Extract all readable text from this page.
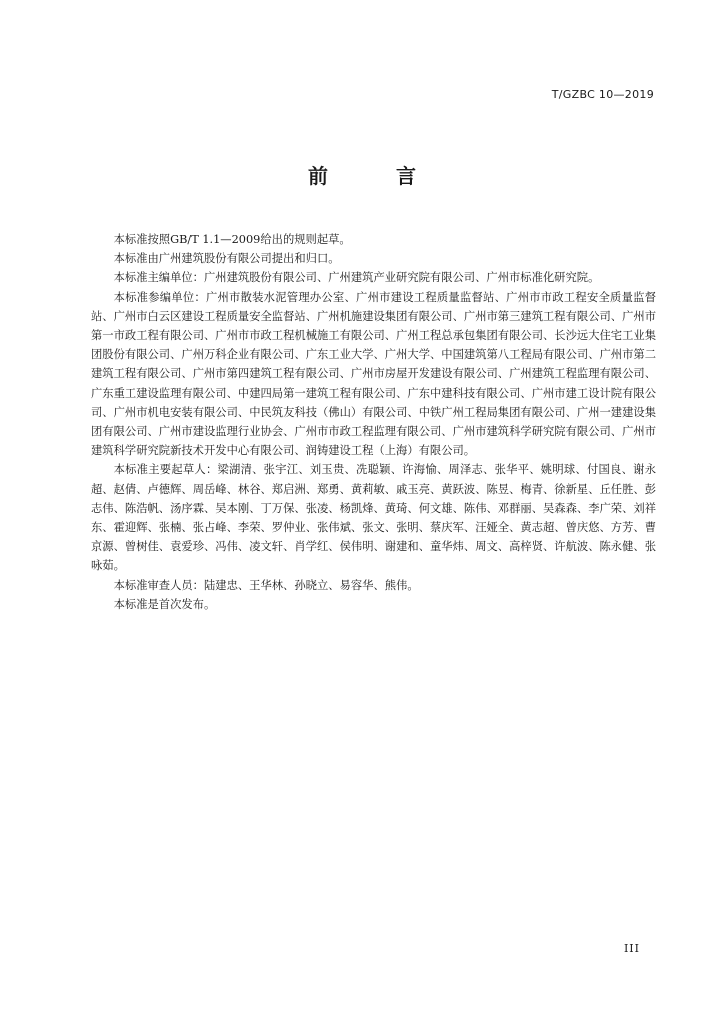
T/GZBC 10—2019
前　言

本标准按照GB/T 1.1—2009给出的规则起草。

本标准由广州建筑股份有限公司提出和归口。

本标准主编单位：广州建筑股份有限公司、广州建筑产业研究院有限公司、广州市标准化研究院。

本标准参编单位：广州市散装水泥管理办公室、广州市建设工程质量监督站、广州市市政工程安全质量监督站、广州市白云区建设工程质量安全监督站、广州机施建设集团有限公司、广州市第三建筑工程有限公司、广州市第一市政工程有限公司、广州市市政工程机械施工有限公司、广州工程总承包集团有限公司、长沙远大住宅工业集团股份有限公司、广州万科企业有限公司、广东工业大学、广州大学、中国建筑第八工程局有限公司、广州市第二建筑工程有限公司、广州市第四建筑工程有限公司、广州市房屋开发建设有限公司、广州建筑工程监理有限公司、广东重工建设监理有限公司、中建四局第一建筑工程有限公司、广东中建科技有限公司、广州市建工设计院有限公司、广州市机电安装有限公司、中民筑友科技（佛山）有限公司、中铁广州工程局集团有限公司、广州一建建设集团有限公司、广州市建设监理行业协会、广州市市政工程监理有限公司、广州市建筑科学研究院有限公司、广州市建筑科学研究院新技术开发中心有限公司、润铸建设工程（上海）有限公司。

本标准主要起草人：梁湖清、张宇江、刘玉贵、冼聪颖、许海愉、周泽志、张华平、姚明球、付国良、谢永超、赵倩、卢德辉、周岳峰、林谷、郑启洲、郑勇、黄莉敏、戚玉亮、黄跃波、陈昱、梅青、徐新星、丘任胜、彭志伟、陈浩帆、汤序霖、吴本刚、丁万保、张凌、杨凯烽、黄琦、何文雄、陈伟、邓群丽、吴森森、李广荣、刘祥东、霍迎辉、张楠、张占峰、李荣、罗仲业、张伟斌、张文、张明、蔡庆军、汪娅全、黄志超、曾庆悠、方芳、曹京源、曾树佳、袁爱珍、冯伟、凌文轩、肖学红、侯伟明、谢建和、童华炜、周文、高梓贤、许航波、陈永健、张咏茹。

本标准审查人员：陆建忠、王华林、孙晓立、易容华、熊伟。

本标准是首次发布。

III
